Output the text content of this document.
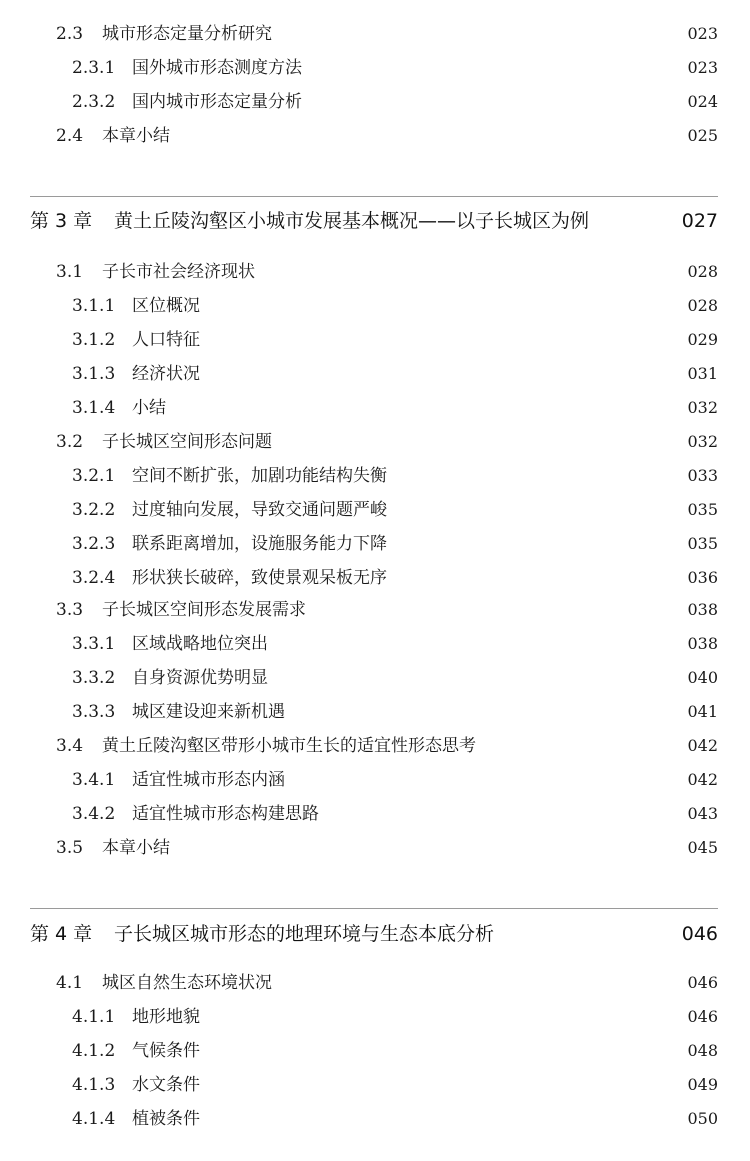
2.3 城市形态定量分析研究	023
2.3.1 国外城市形态测度方法	023
2.3.2 国内城市形态定量分析	024
2.4 本章小结	025
第 3 章 黄土丘陵沟壑区小城市发展基本概况——以子长城区为例	027
3.1 子长市社会经济现状	028
3.1.1 区位概况	028
3.1.2 人口特征	029
3.1.3 经济状况	031
3.1.4 小结	032
3.2 子长城区空间形态问题	032
3.2.1 空间不断扩张，加剧功能结构失衡	033
3.2.2 过度轴向发展，导致交通问题严峻	035
3.2.3 联系距离增加，设施服务能力下降	035
3.2.4 形状狭长破碎，致使景观呆板无序	036
3.3 子长城区空间形态发展需求	038
3.3.1 区域战略地位突出	038
3.3.2 自身资源优势明显	040
3.3.3 城区建设迎来新机遇	041
3.4 黄土丘陵沟壑区带形小城市生长的适宜性形态思考	042
3.4.1 适宜性城市形态内涵	042
3.4.2 适宜性城市形态构建思路	043
3.5 本章小结	045
第 4 章 子长城区城市形态的地理环境与生态本底分析	046
4.1 城区自然生态环境状况	046
4.1.1 地形地貌	046
4.1.2 气候条件	048
4.1.3 水文条件	049
4.1.4 植被条件	050
